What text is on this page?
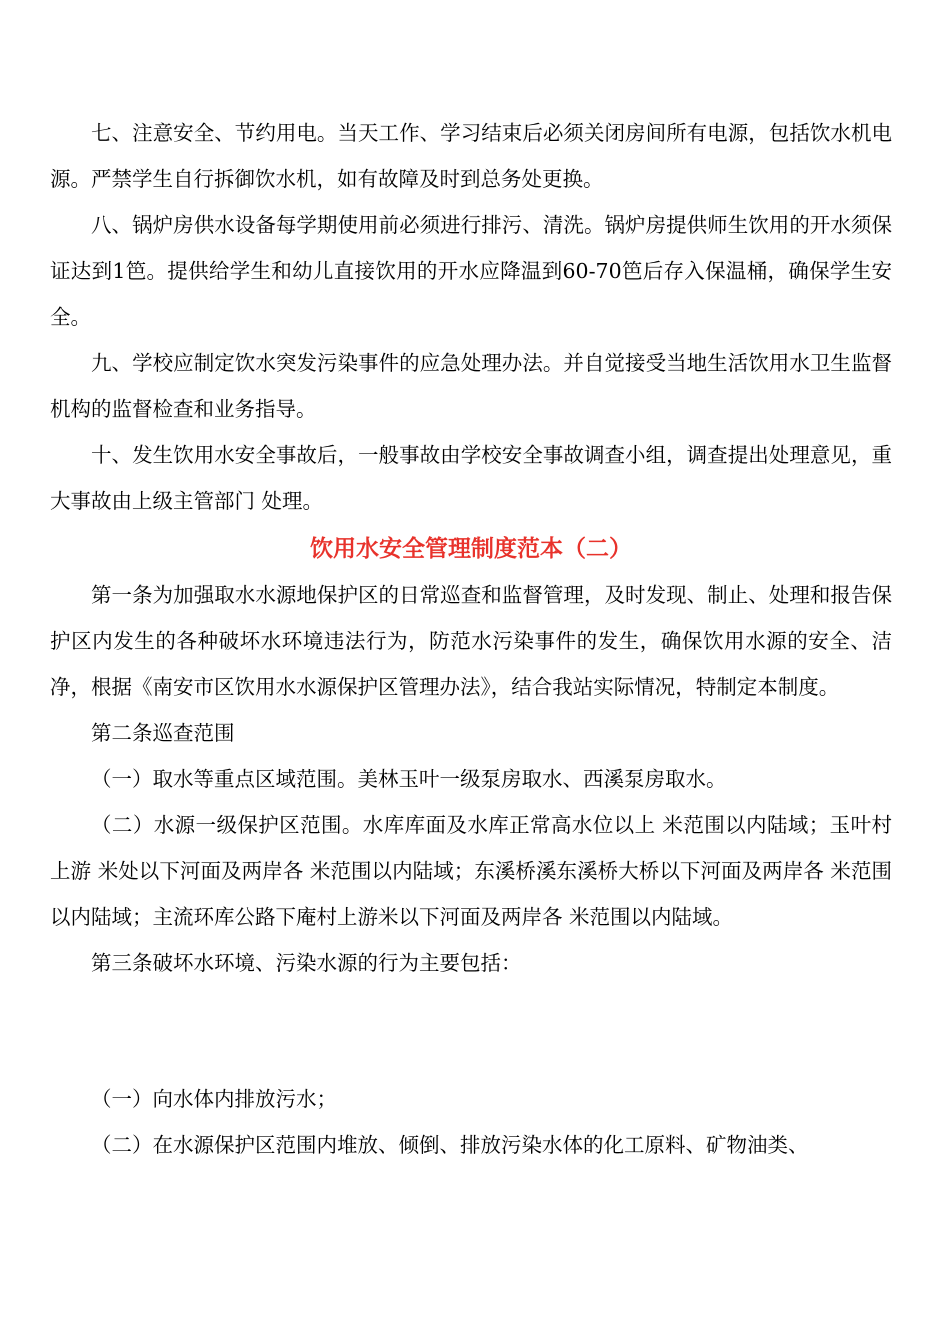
七、注意安全、节约用电。当天工作、学习结束后必须关闭房间所有电源，包括饮水机电源。严禁学生自行拆御饮水机，如有故障及时到总务处更换。

八、锅炉房供水设备每学期使用前必须进行排污、清洗。锅炉房提供师生饮用的开水须保证达到1笆。提供给学生和幼儿直接饮用的开水应降温到60-70笆后存入保温桶，确保学生安全。

九、学校应制定饮水突发污染事件的应急处理办法。并自觉接受当地生活饮用水卫生监督机构的监督检查和业务指导。

十、发生饮用水安全事故后，一般事故由学校安全事故调查小组，调查提出处理意见，重大事故由上级主管部门 处理。

饮用水安全管理制度范本（二）

第一条为加强取水水源地保护区的日常巡查和监督管理，及时发现、制止、处理和报告保护区内发生的各种破坏水环境违法行为，防范水污染事件的发生，确保饮用水源的安全、洁净，根据《南安市区饮用水水源保护区管理办法》，结合我站实际情况，特制定本制度。

第二条巡查范围

（一）取水等重点区域范围。美林玉叶一级泵房取水、西溪泵房取水。

（二）水源一级保护区范围。水库库面及水库正常高水位以上 米范围以内陆域；玉叶村上游 米处以下河面及两岸各 米范围以内陆域；东溪桥溪东溪桥大桥以下河面及两岸各 米范围以内陆域；主流环库公路下庵村上游米以下河面及两岸各 米范围以内陆域。

第三条破坏水环境、污染水源的行为主要包括：

（一）向水体内排放污水；

（二）在水源保护区范围内堆放、倾倒、排放污染水体的化工原料、矿物油类、
